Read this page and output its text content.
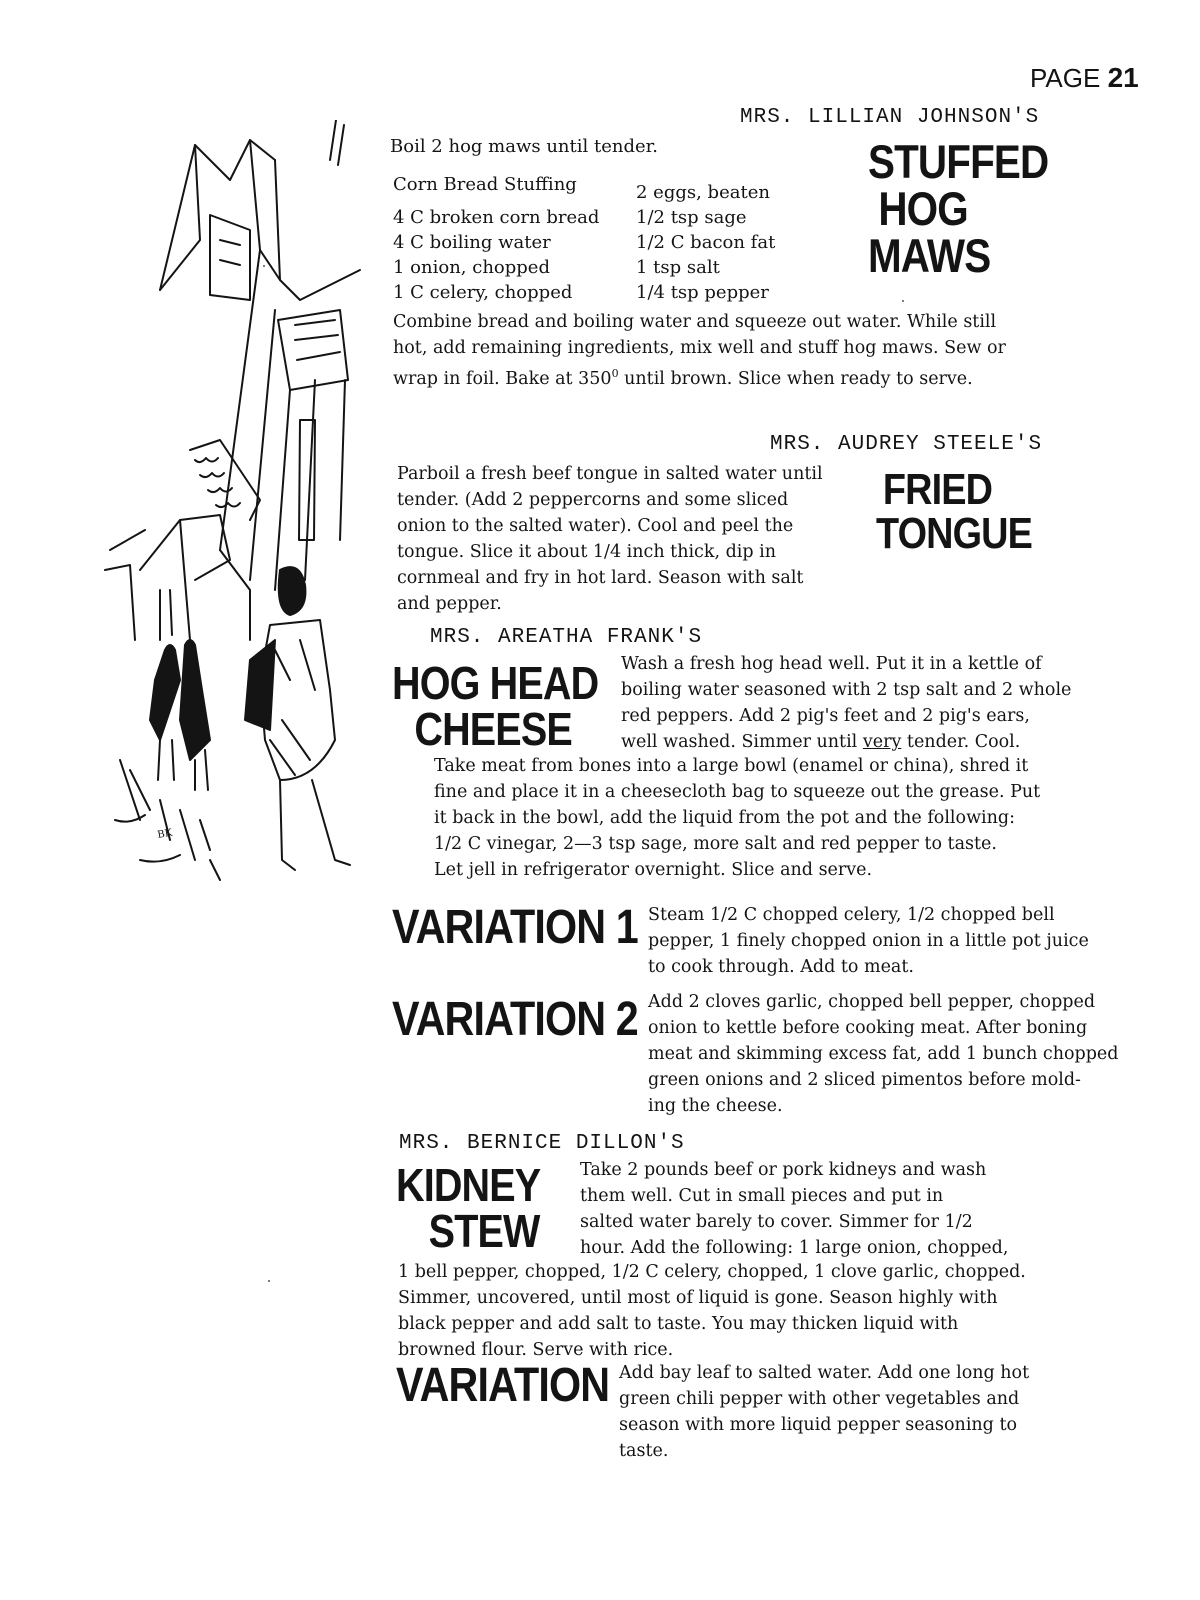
PAGE 21
BK
MRS. LILLIAN JOHNSON'S
STUFFED
HOG
MAWS
Boil 2 hog maws until tender.
Corn Bread Stuffing
4 C broken corn bread
4 C boiling water
1 onion, chopped
1 C celery, chopped
2 eggs, beaten
1/2 tsp sage
1/2 C bacon fat
1 tsp salt
1/4 tsp pepper

Combine bread and boiling water and squeeze out water. While still

hot, add remaining ingredients, mix well and stuff hog maws. Sew or

wrap in foil. Bake at $350^0$ until brown. Slice when ready to serve.

MRS. AUDREY STEELE'S
FRIED
TONGUE

Parboil a fresh beef tongue in salted water until

tender. (Add 2 peppercorns and some sliced

onion to the salted water). Cool and peel the

tongue. Slice it about 1/4 inch thick, dip in

cornmeal and fry in hot lard. Season with salt

and pepper.

MRS. AREATHA FRANK'S
HOG HEAD
CHEESE

Wash a fresh hog head well. Put it in a kettle of

boiling water seasoned with 2 tsp salt and 2 whole

red peppers. Add 2 pig's feet and 2 pig's ears,

well washed. Simmer until very tender. Cool.

Take meat from bones into a large bowl (enamel or china), shred it

fine and place it in a cheesecloth bag to squeeze out the grease. Put

it back in the bowl, add the liquid from the pot and the following:

1/2 C vinegar, 2—3 tsp sage, more salt and red pepper to taste.

Let jell in refrigerator overnight. Slice and serve.

VARIATION 1 Steam 1/2 C chopped celery, 1/2 chopped bell

pepper, 1 finely chopped onion in a little pot juice

to cook through. Add to meat.

VARIATION 2 Add 2 cloves garlic, chopped bell pepper, chopped

onion to kettle before cooking meat. After boning

meat and skimming excess fat, add 1 bunch chopped

green onions and 2 sliced pimentos before mold-

ing the cheese.

MRS. BERNICE DILLON'S
KIDNEY
STEW

Take 2 pounds beef or pork kidneys and wash

them well. Cut in small pieces and put in

salted water barely to cover. Simmer for 1/2

hour. Add the following: 1 large onion, chopped,

1 bell pepper, chopped, 1/2 C celery, chopped, 1 clove garlic, chopped.

Simmer, uncovered, until most of liquid is gone. Season highly with

black pepper and add salt to taste. You may thicken liquid with

browned flour. Serve with rice.

VARIATION Add bay leaf to salted water. Add one long hot

green chili pepper with other vegetables and

season with more liquid pepper seasoning to

taste.
